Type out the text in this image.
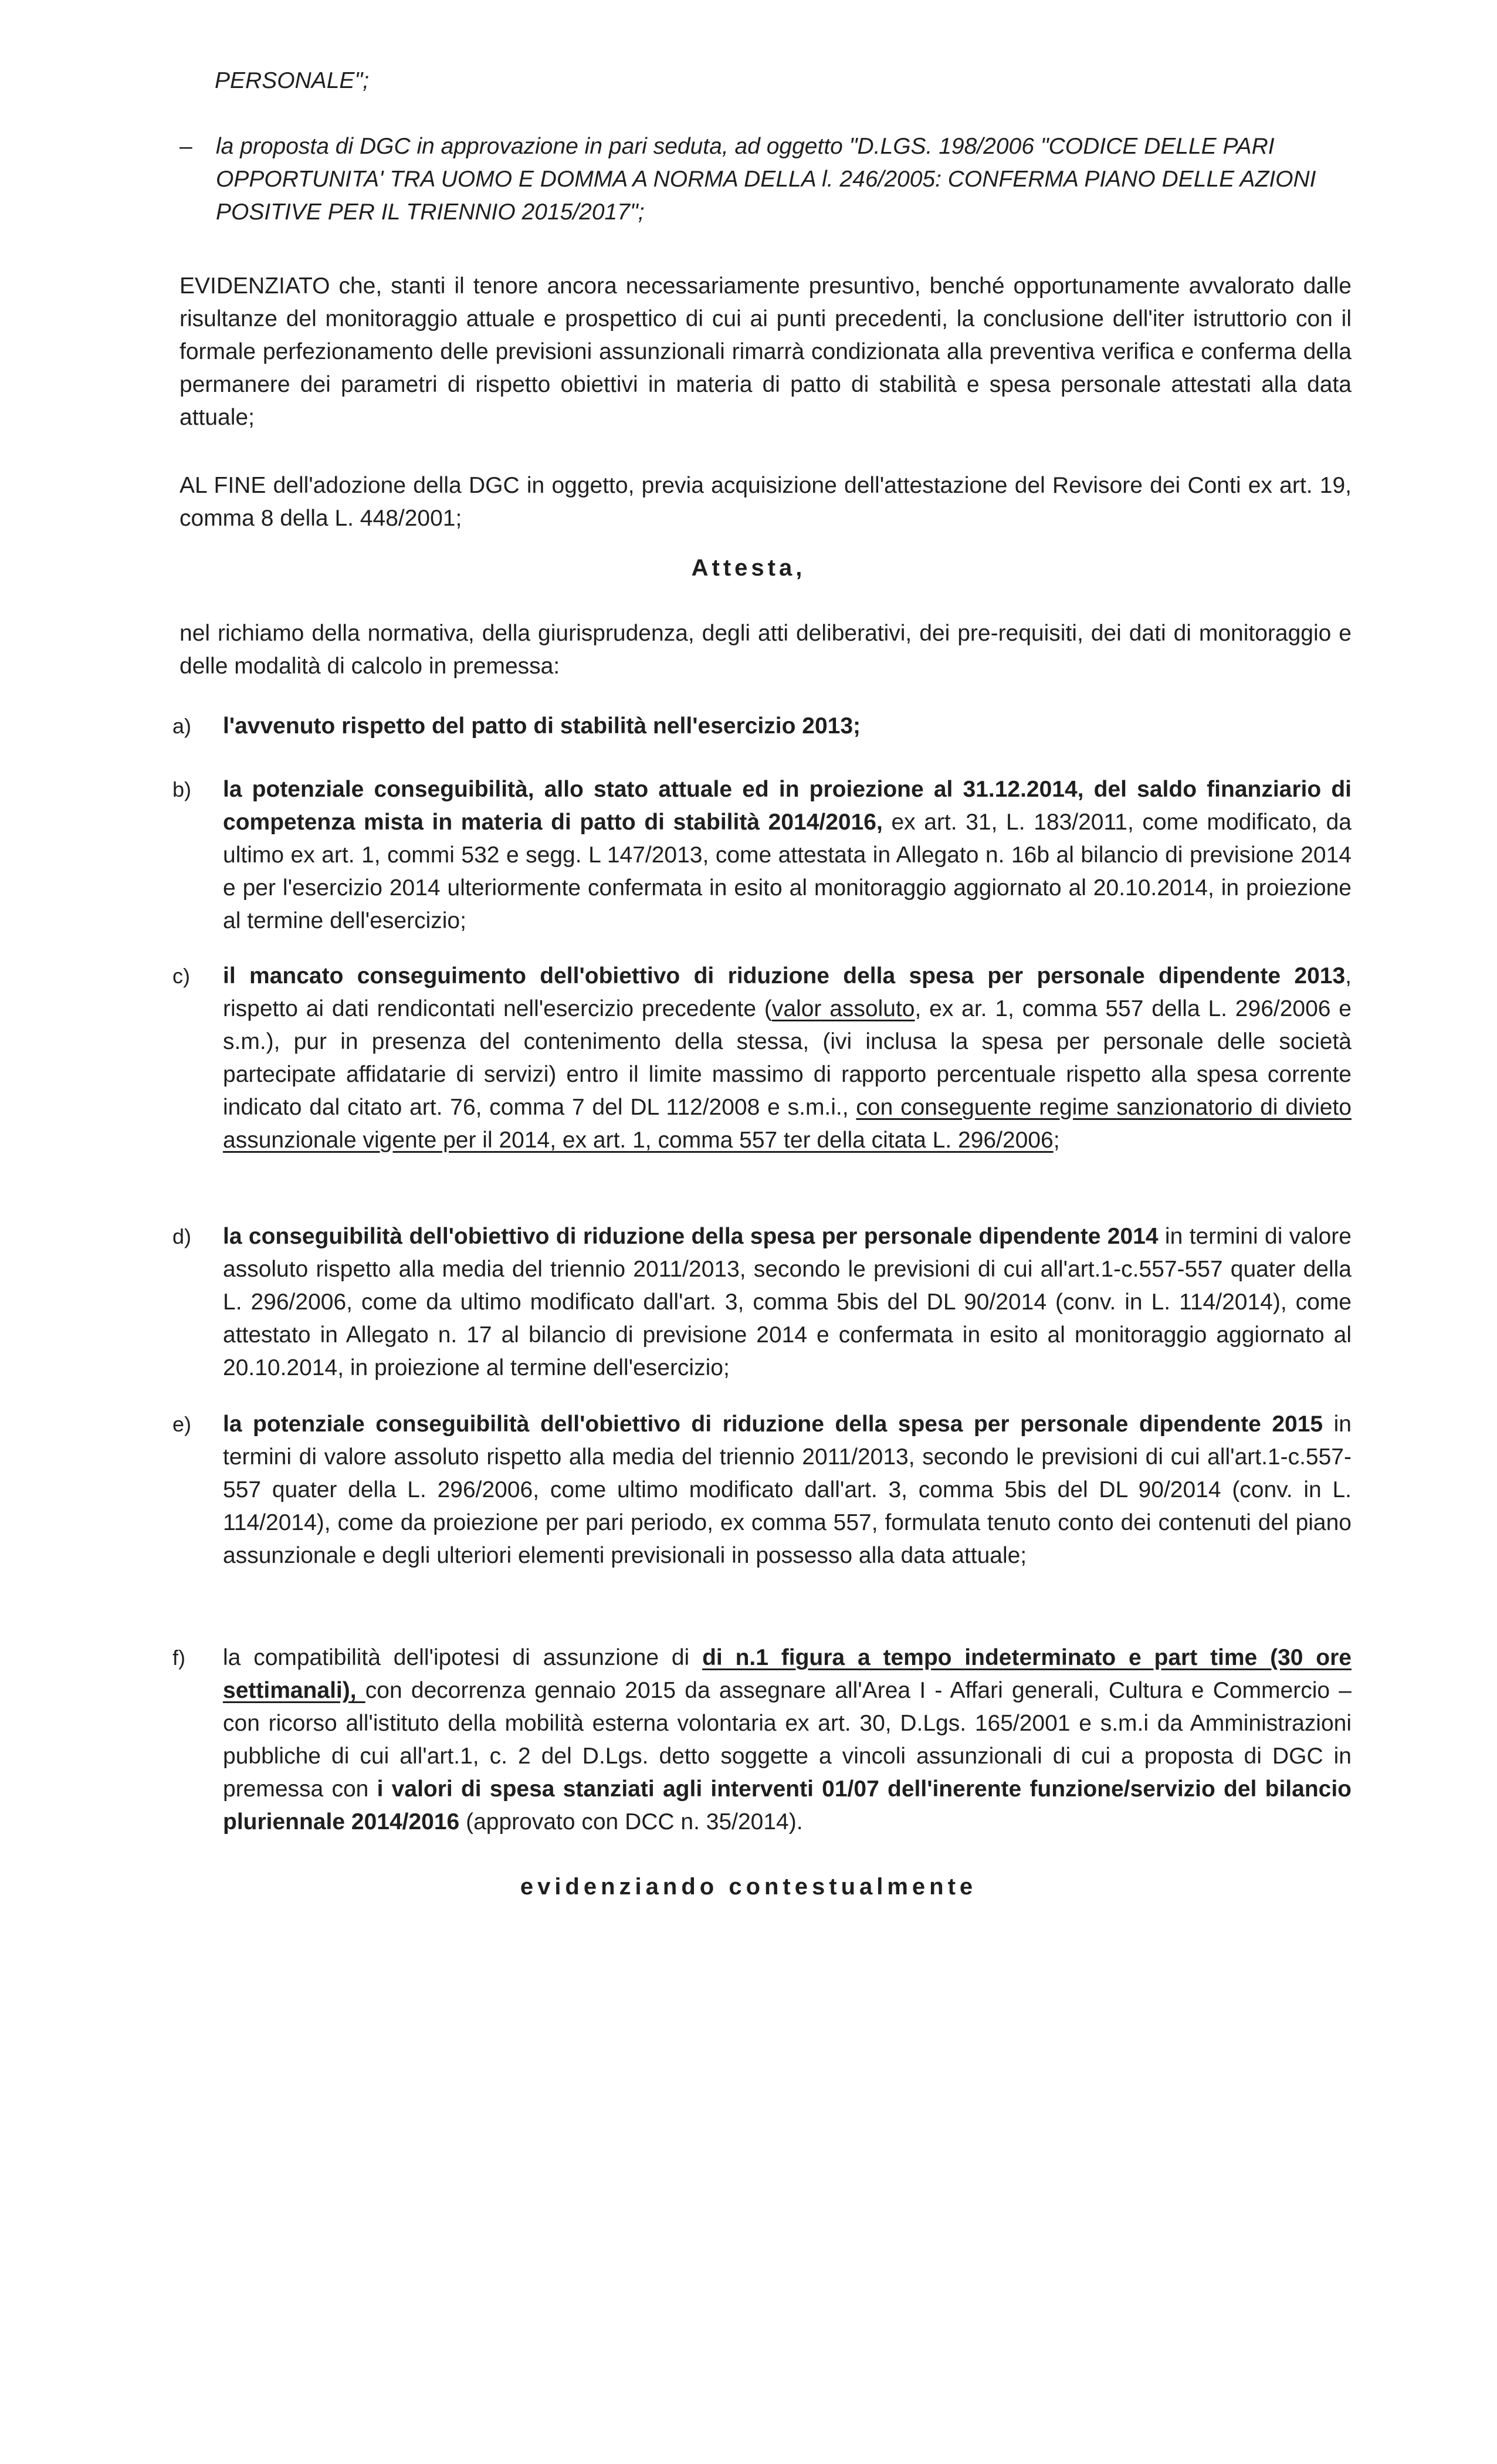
PERSONALE";
–	la proposta di DGC in approvazione in pari seduta, ad oggetto "D.LGS. 198/2006 "CODICE DELLE PARI OPPORTUNITA' TRA UOMO E DOMMA A NORMA DELLA l. 246/2005: CONFERMA PIANO DELLE AZIONI POSITIVE PER IL TRIENNIO 2015/2017";
EVIDENZIATO che, stanti il tenore ancora necessariamente presuntivo, benché opportunamente avvalorato dalle risultanze del monitoraggio attuale e prospettico di cui ai punti precedenti, la conclusione dell'iter istruttorio con il formale perfezionamento delle previsioni assunzionali rimarrà condizionata alla preventiva verifica e conferma della permanere dei parametri di rispetto obiettivi in materia di patto di stabilità e spesa personale attestati alla data attuale;
AL FINE dell'adozione della DGC in oggetto, previa acquisizione dell'attestazione del Revisore dei Conti ex art. 19, comma 8 della L. 448/2001;
Attesta,
nel richiamo della normativa, della giurisprudenza, degli atti deliberativi, dei pre-requisiti, dei dati di monitoraggio e delle modalità di calcolo in premessa:
a)	l'avvenuto rispetto del patto di stabilità nell'esercizio 2013;
b)	la potenziale conseguibilità, allo stato attuale ed in proiezione al 31.12.2014, del saldo finanziario di competenza mista in materia di patto di stabilità 2014/2016, ex art. 31, L. 183/2011, come modificato, da ultimo ex art. 1, commi 532 e segg. L 147/2013, come attestata in Allegato n. 16b al bilancio di previsione 2014 e per l'esercizio 2014 ulteriormente confermata in esito al monitoraggio aggiornato al 20.10.2014, in proiezione al termine dell'esercizio;
c)	il mancato conseguimento dell'obiettivo di riduzione della spesa per personale dipendente 2013, rispetto ai dati rendicontati nell'esercizio precedente (valor assoluto, ex ar. 1, comma 557 della L. 296/2006 e s.m.), pur in presenza del contenimento della stessa, (ivi inclusa la spesa per personale delle società partecipate affidatarie di servizi) entro il limite massimo di rapporto percentuale rispetto alla spesa corrente indicato dal citato art. 76, comma 7 del DL 112/2008 e s.m.i., con conseguente regime sanzionatorio di divieto assunzionale vigente per il 2014, ex art. 1, comma 557 ter della citata L. 296/2006;
d)	la conseguibilità dell'obiettivo di riduzione della spesa per personale dipendente 2014 in termini di valore assoluto rispetto alla media del triennio 2011/2013, secondo le previsioni di cui all'art.1-c.557-557 quater della L. 296/2006, come da ultimo modificato dall'art. 3, comma 5bis del DL 90/2014 (conv. in L. 114/2014), come attestato in Allegato n. 17 al bilancio di previsione 2014 e confermata in esito al monitoraggio aggiornato al 20.10.2014, in proiezione al termine dell'esercizio;
e)	la potenziale conseguibilità dell'obiettivo di riduzione della spesa per personale dipendente 2015 in termini di valore assoluto rispetto alla media del triennio 2011/2013, secondo le previsioni di cui all'art.1-c.557-557 quater della L. 296/2006, come ultimo modificato dall'art. 3, comma 5bis del DL 90/2014 (conv. in L. 114/2014), come da proiezione per pari periodo, ex comma 557, formulata tenuto conto dei contenuti del piano assunzionale e degli ulteriori elementi previsionali in possesso alla data attuale;
f)	la compatibilità dell'ipotesi di assunzione di di n.1 figura a tempo indeterminato e part time (30 ore settimanali), con decorrenza gennaio 2015 da assegnare all'Area I - Affari generali, Cultura e Commercio – con ricorso all'istituto della mobilità esterna volontaria ex art. 30, D.Lgs. 165/2001 e s.m.i da Amministrazioni pubbliche di cui all'art.1, c. 2 del D.Lgs. detto soggette a vincoli assunzionali di cui a proposta di DGC in premessa con i valori di spesa stanziati agli interventi 01/07 dell'inerente funzione/servizio del bilancio pluriennale 2014/2016 (approvato con DCC n. 35/2014).
evidenziando contestualmente
